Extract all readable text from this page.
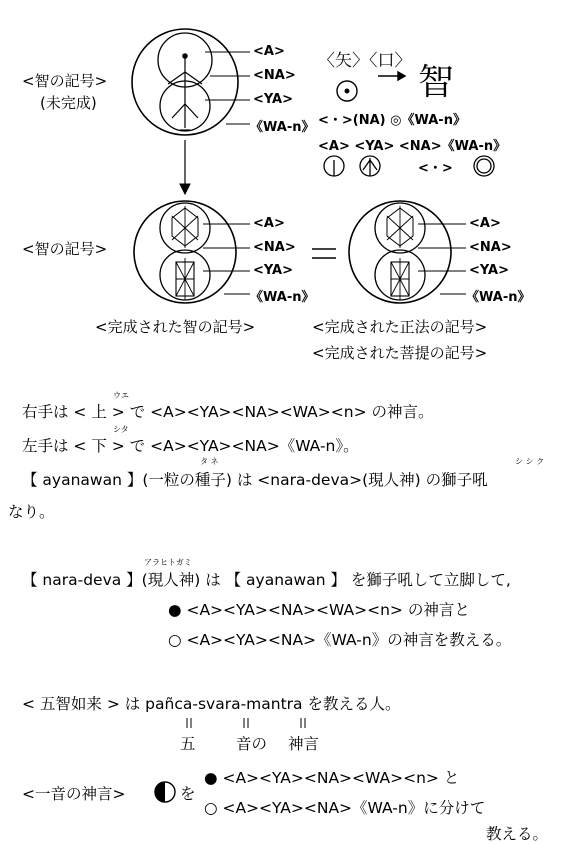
<智の記号>
(未完成)
<A>
<NA>
<YA>
《WA-n》
〈矢〉〈口〉
智
<・>(NA) ◎《WA-n》
<A> <YA> <NA>《WA-n》
<・>
<智の記号>
<A>
<NA>
<YA>
《WA-n》
<A>
<NA>
<YA>
《WA-n》
<完成された智の記号>	<完成された正法の記号>
<完成された菩提の記号>
ウエ
右手は < 上 > で <A><YA><NA><WA><n> の神言。
シタ
左手は < 下 > で <A><YA><NA>《WA-n》。
タ ネ	シ シ ク
【 ayanawan 】(一粒の種子) は <nara-deva>(現人神) の獅子吼
なり。
アラヒトガミ
【 nara-deva 】(現人神) は 【 ayanawan 】 を獅子吼して立脚して,
● <A><YA><NA><WA><n> の神言と
○ <A><YA><NA>《WA-n》の神言を教える。
< 五智如来 > は pañca-svara-mantra を教える人。
五	音の 神言
<一音の神言>	を
● <A><YA><NA><WA><n> と
○ <A><YA><NA>《WA-n》に分けて
教える。
